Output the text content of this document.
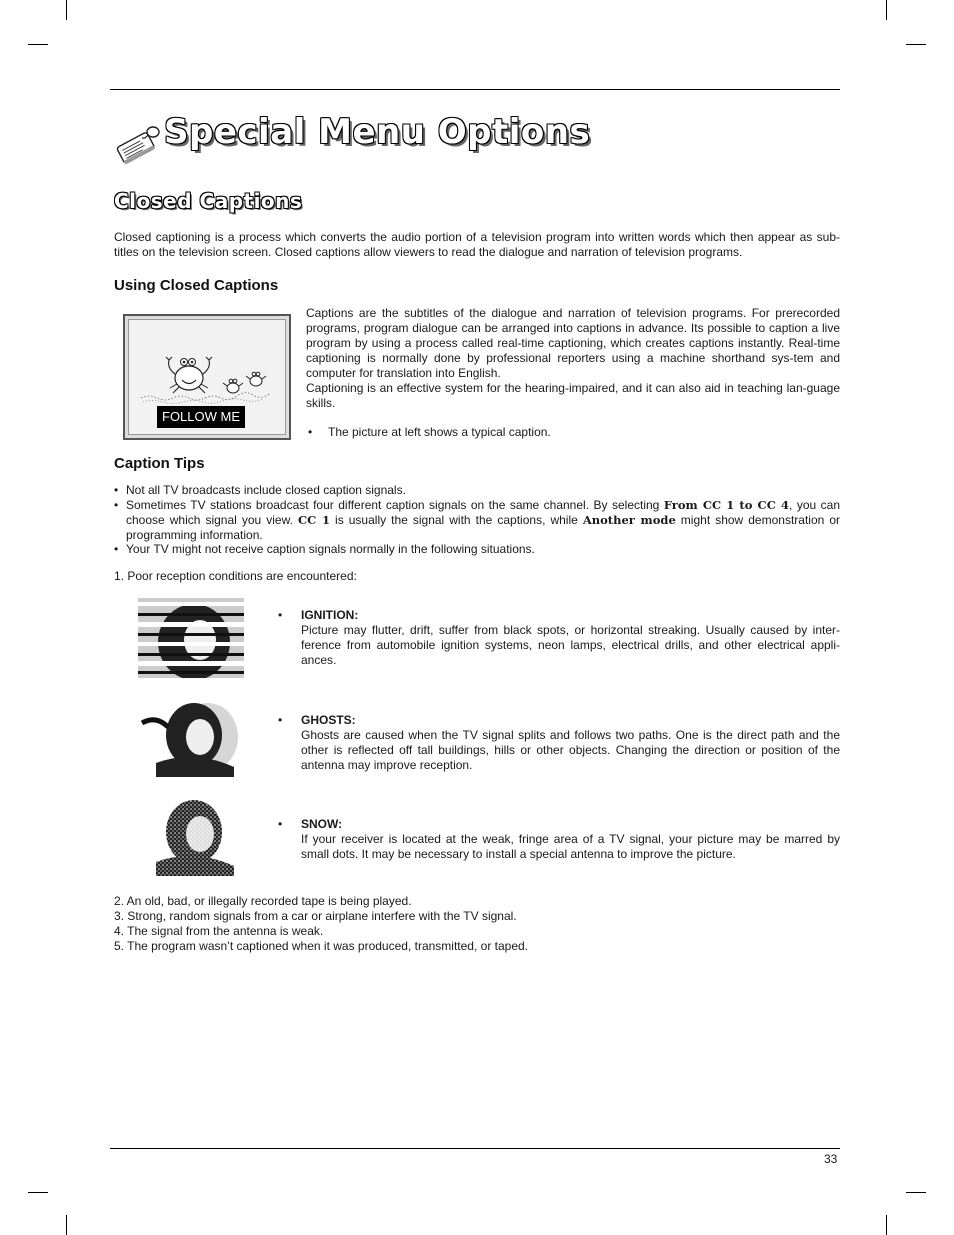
Special Menu Options
Closed Captions

Closed captioning is a process which converts the audio portion of a television program into written words which then appear as sub-titles on the television screen. Closed captions allow viewers to read the dialogue and narration of television programs.

Using Closed Captions
FOLLOW ME

Captions are the subtitles of the dialogue and narration of television programs. For prerecorded programs, program dialogue can be arranged into captions in advance. Its possible to caption a live program by using a process called real-time captioning, which creates captions instantly. Real-time captioning is normally done by professional reporters using a machine shorthand sys-tem and computer for translation into English.

Captioning is an effective system for the hearing-impaired, and it can also aid in teaching lan-guage skills.

• The picture at left shows a typical caption.
Caption Tips
• Not all TV broadcasts include closed caption signals.
• Sometimes TV stations broadcast four different caption signals on the same channel. By selecting From CC 1 to CC 4, you can choose which signal you view. CC 1 is usually the signal with the captions, while Another mode might show demonstration or programming information.
• Your TV might not receive caption signals normally in the following situations.

1. Poor reception conditions are encountered:

• IGNITION:
Picture may flutter, drift, suffer from black spots, or horizontal streaking. Usually caused by inter-ference from automobile ignition systems, neon lamps, electrical drills, and other electrical appli-ances.
• GHOSTS:
Ghosts are caused when the TV signal splits and follows two paths. One is the direct path and the other is reflected off tall buildings, hills or other objects. Changing the direction or position of the antenna may improve reception.
• SNOW:
If your receiver is located at the weak, fringe area of a TV signal, your picture may be marred by small dots. It may be necessary to install a special antenna to improve the picture.

2. An old, bad, or illegally recorded tape is being played.

3. Strong, random signals from a car or airplane interfere with the TV signal.

4. The signal from the antenna is weak.

5. The program wasn’t captioned when it was produced, transmitted, or taped.

33
